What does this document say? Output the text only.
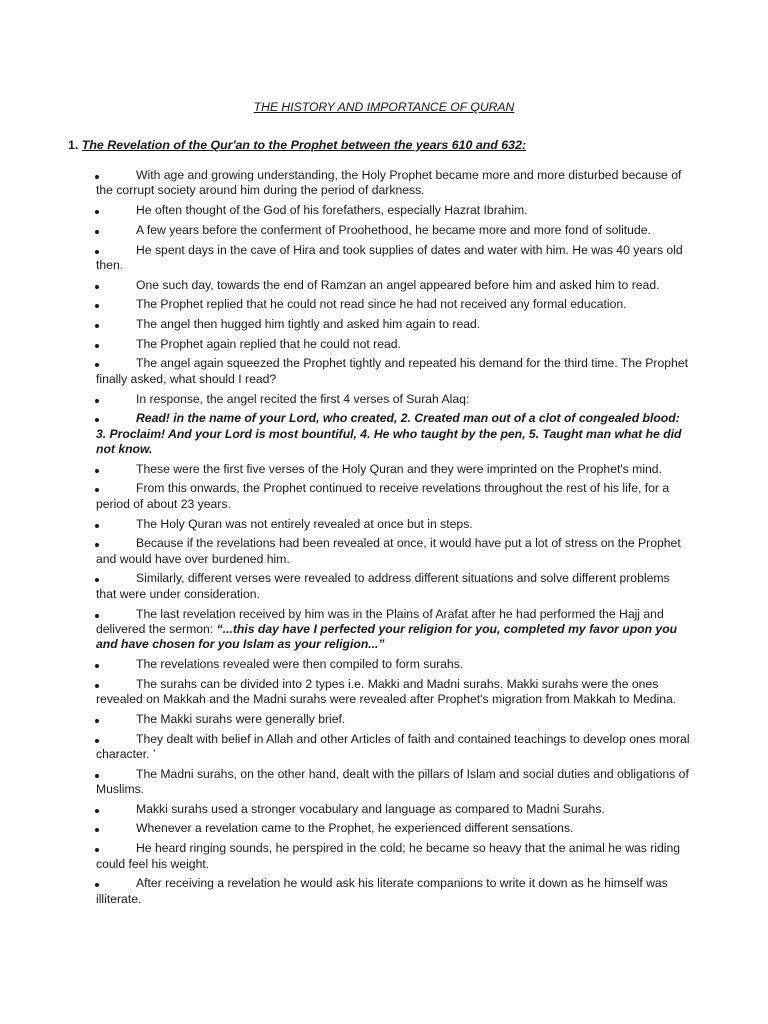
THE HISTORY AND IMPORTANCE OF QURAN
1. The Revelation of the Qur'an to the Prophet between the years 610 and 632:
With age and growing understanding, the Holy Prophet became more and more disturbed because of the corrupt society around him during the period of darkness.
He often thought of the God of his forefathers, especially Hazrat Ibrahim.
A few years before the conferment of Proohethood, he became more and more fond of solitude.
He spent days in the cave of Hira and took supplies of dates and water with him. He was 40 years old then.
One such day, towards the end of Ramzan an angel appeared before him and asked him to read.
The Prophet replied that he could not read since he had not received any formal education.
The angel then hugged him tightly and asked him again to read.
The Prophet again replied that he could not read.
The angel again squeezed the Prophet tightly and repeated his demand for the third time. The Prophet finally asked, what should I read?
In response, the angel recited the first 4 verses of Surah Alaq:
Read! in the name of your Lord, who created, 2. Created man out of a clot of congealed blood: 3. Proclaim! And your Lord is most bountiful, 4. He who taught by the pen, 5. Taught man what he did not know.
These were the first five verses of the Holy Quran and they were imprinted on the Prophet's mind.
From this onwards, the Prophet continued to receive revelations throughout the rest of his life, for a period of about 23 years.
The Holy Quran was not entirely revealed at once but in steps.
Because if the revelations had been revealed at once, it would have put a lot of stress on the Prophet and would have over burdened him.
Similarly, different verses were revealed to address different situations and solve different problems that were under consideration.
The last revelation received by him was in the Plains of Arafat after he had performed the Hajj and delivered the sermon: “...this day have I perfected your religion for you, completed my favor upon you and have chosen for you Islam as your religion...”
The revelations revealed were then compiled to form surahs.
The surahs can be divided into 2 types i.e. Makki and Madni surahs. Makki surahs were the ones revealed on Makkah and the Madni surahs were revealed after Prophet's migration from Makkah to Medina.
The Makki surahs were generally brief.
They dealt with belief in Allah and other Articles of faith and contained teachings to develop ones moral character. ’
The Madni surahs, on the other hand, dealt with the pillars of Islam and social duties and obligations of Muslims.
Makki surahs used a stronger vocabulary and language as compared to Madni Surahs.
Whenever a revelation came to the Prophet, he experienced different sensations.
He heard ringing sounds, he perspired in the cold; he became so heavy that the animal he was riding could feel his weight.
After receiving a revelation he would ask his literate companions to write it down as he himself was illiterate.
